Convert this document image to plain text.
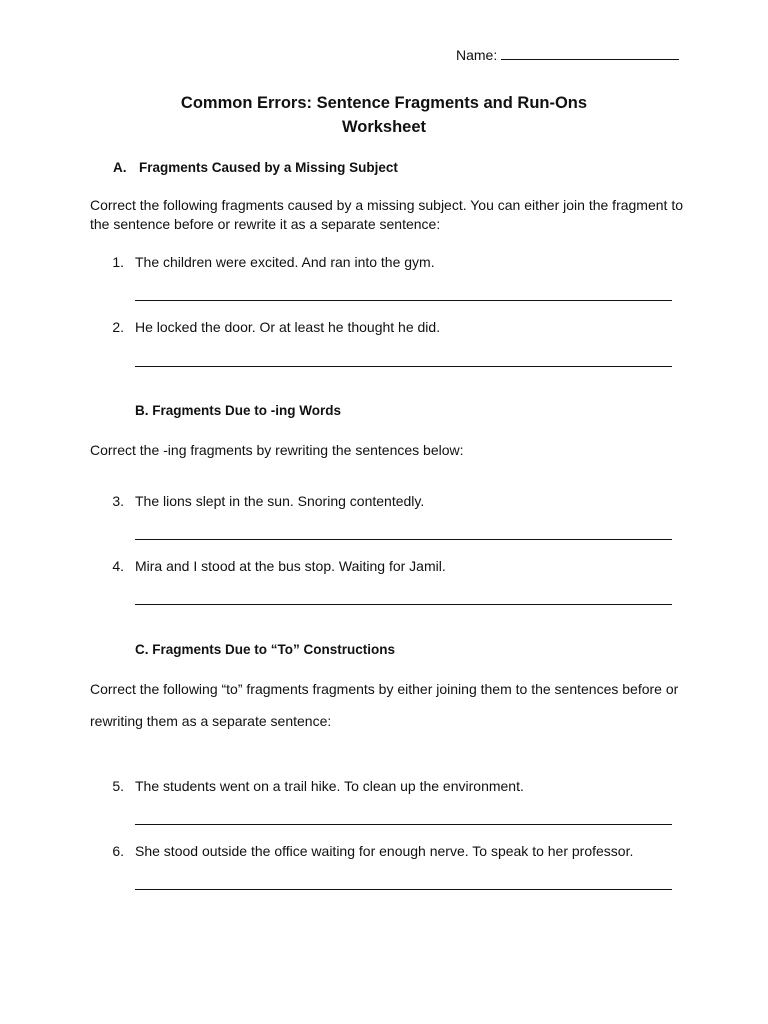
Name:
Common Errors: Sentence Fragments and Run-Ons
Worksheet
A. Fragments Caused by a Missing Subject
Correct the following fragments caused by a missing subject. You can either join the fragment to the sentence before or rewrite it as a separate sentence:
1. The children were excited. And ran into the gym.
2. He locked the door. Or at least he thought he did.
B. Fragments Due to -ing Words
Correct the -ing fragments by rewriting the sentences below:
3. The lions slept in the sun. Snoring contentedly.
4. Mira and I stood at the bus stop. Waiting for Jamil.
C. Fragments Due to “To” Constructions
Correct the following “to” fragments fragments by either joining them to the sentences before or
rewriting them as a separate sentence:
5. The students went on a trail hike. To clean up the environment.
6. She stood outside the office waiting for enough nerve. To speak to her professor.
